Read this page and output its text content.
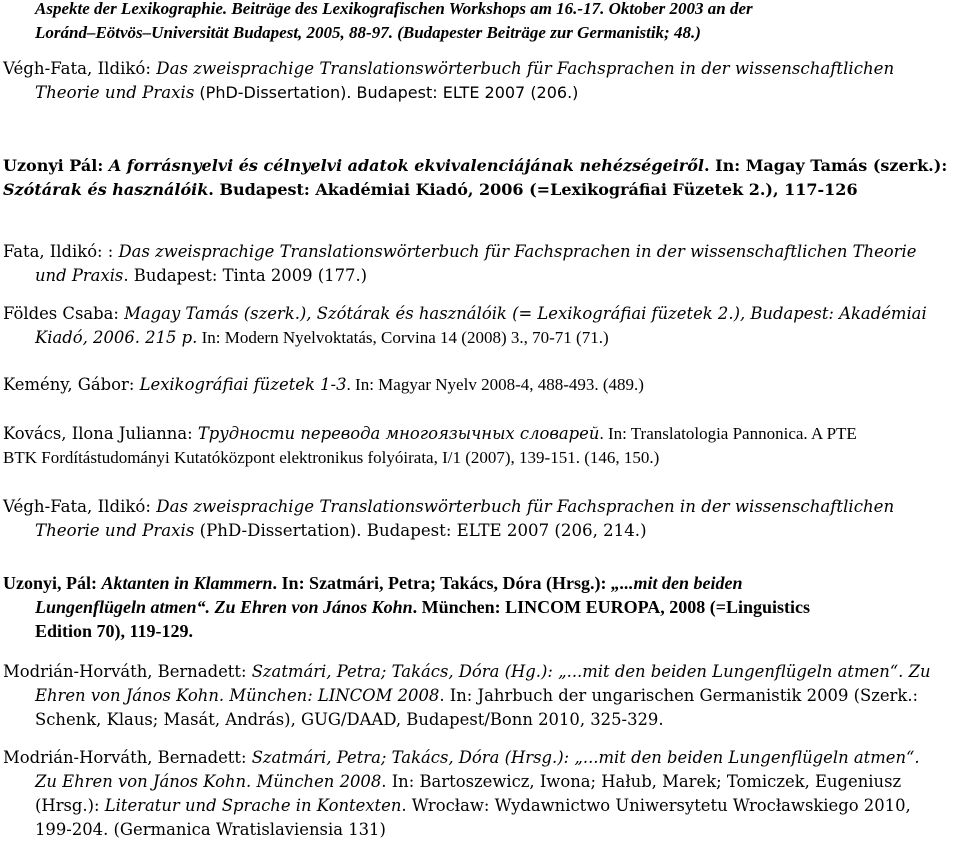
Aspekte der Lexikographie. Beiträge des Lexikografischen Workshops am 16.-17. Oktober 2003 an der
Loránd–Eötvös–Universität Budapest, 2005, 88-97. (Budapester Beiträge zur Germanistik; 48.)
Végh-Fata, Ildikó: Das zweisprachige Translationswörterbuch für Fachsprachen in der wissenschaftlichen
Theorie und Praxis (PhD-Dissertation). Budapest: ELTE 2007 (206.)
Uzonyi Pál: A forrásnyelvi és célnyelvi adatok ekvivalenciájának nehézségeiről. In: Magay Tamás (szerk.):
Szótárak és használóik. Budapest: Akadémiai Kiadó, 2006 (=Lexikográfiai Füzetek 2.), 117-126
Fata, Ildikó: : Das zweisprachige Translationswörterbuch für Fachsprachen in der wissenschaftlichen Theorie
und Praxis. Budapest: Tinta 2009 (177.)
Földes Csaba: Magay Tamás (szerk.), Szótárak és használóik (= Lexikográfiai füzetek 2.), Budapest: Akadémiai
Kiadó, 2006. 215 p. In: Modern Nyelvoktatás, Corvina 14 (2008) 3., 70-71 (71.)
Kemény, Gábor: Lexikográfiai füzetek 1-3. In: Magyar Nyelv 2008-4, 488-493. (489.)
Kovács, Ilona Julianna: Трудности перевода многоязычных словарей. In: Translatologia Pannonica. A PTE
BTK Fordítástudományi Kutatóközpont elektronikus folyóirata, I/1 (2007), 139-151. (146, 150.)
Végh-Fata, Ildikó: Das zweisprachige Translationswörterbuch für Fachsprachen in der wissenschaftlichen
Theorie und Praxis (PhD-Dissertation). Budapest: ELTE 2007 (206, 214.)
Uzonyi, Pál: Aktanten in Klammern. In: Szatmári, Petra; Takács, Dóra (Hrsg.): „...mit den beiden
Lungenflügeln atmen“. Zu Ehren von János Kohn. München: LINCOM EUROPA, 2008 (=Linguistics
Edition 70), 119-129.
Modrián-Horváth, Bernadett: Szatmári, Petra; Takács, Dóra (Hg.): „...mit den beiden Lungenflügeln atmen“. Zu
Ehren von János Kohn. München: LINCOM 2008. In: Jahrbuch der ungarischen Germanistik 2009 (Szerk.:
Schenk, Klaus; Masát, András), GUG/DAAD, Budapest/Bonn 2010, 325-329.
Modrián-Horváth, Bernadett: Szatmári, Petra; Takács, Dóra (Hrsg.): „...mit den beiden Lungenflügeln atmen“.
Zu Ehren von János Kohn. München 2008. In: Bartoszewicz, Iwona; Hałub, Marek; Tomiczek, Eugeniusz
(Hrsg.): Literatur und Sprache in Kontexten. Wrocław: Wydawnictwo Uniwersytetu Wrocławskiego 2010,
199-204. (Germanica Wratislaviensia 131)
